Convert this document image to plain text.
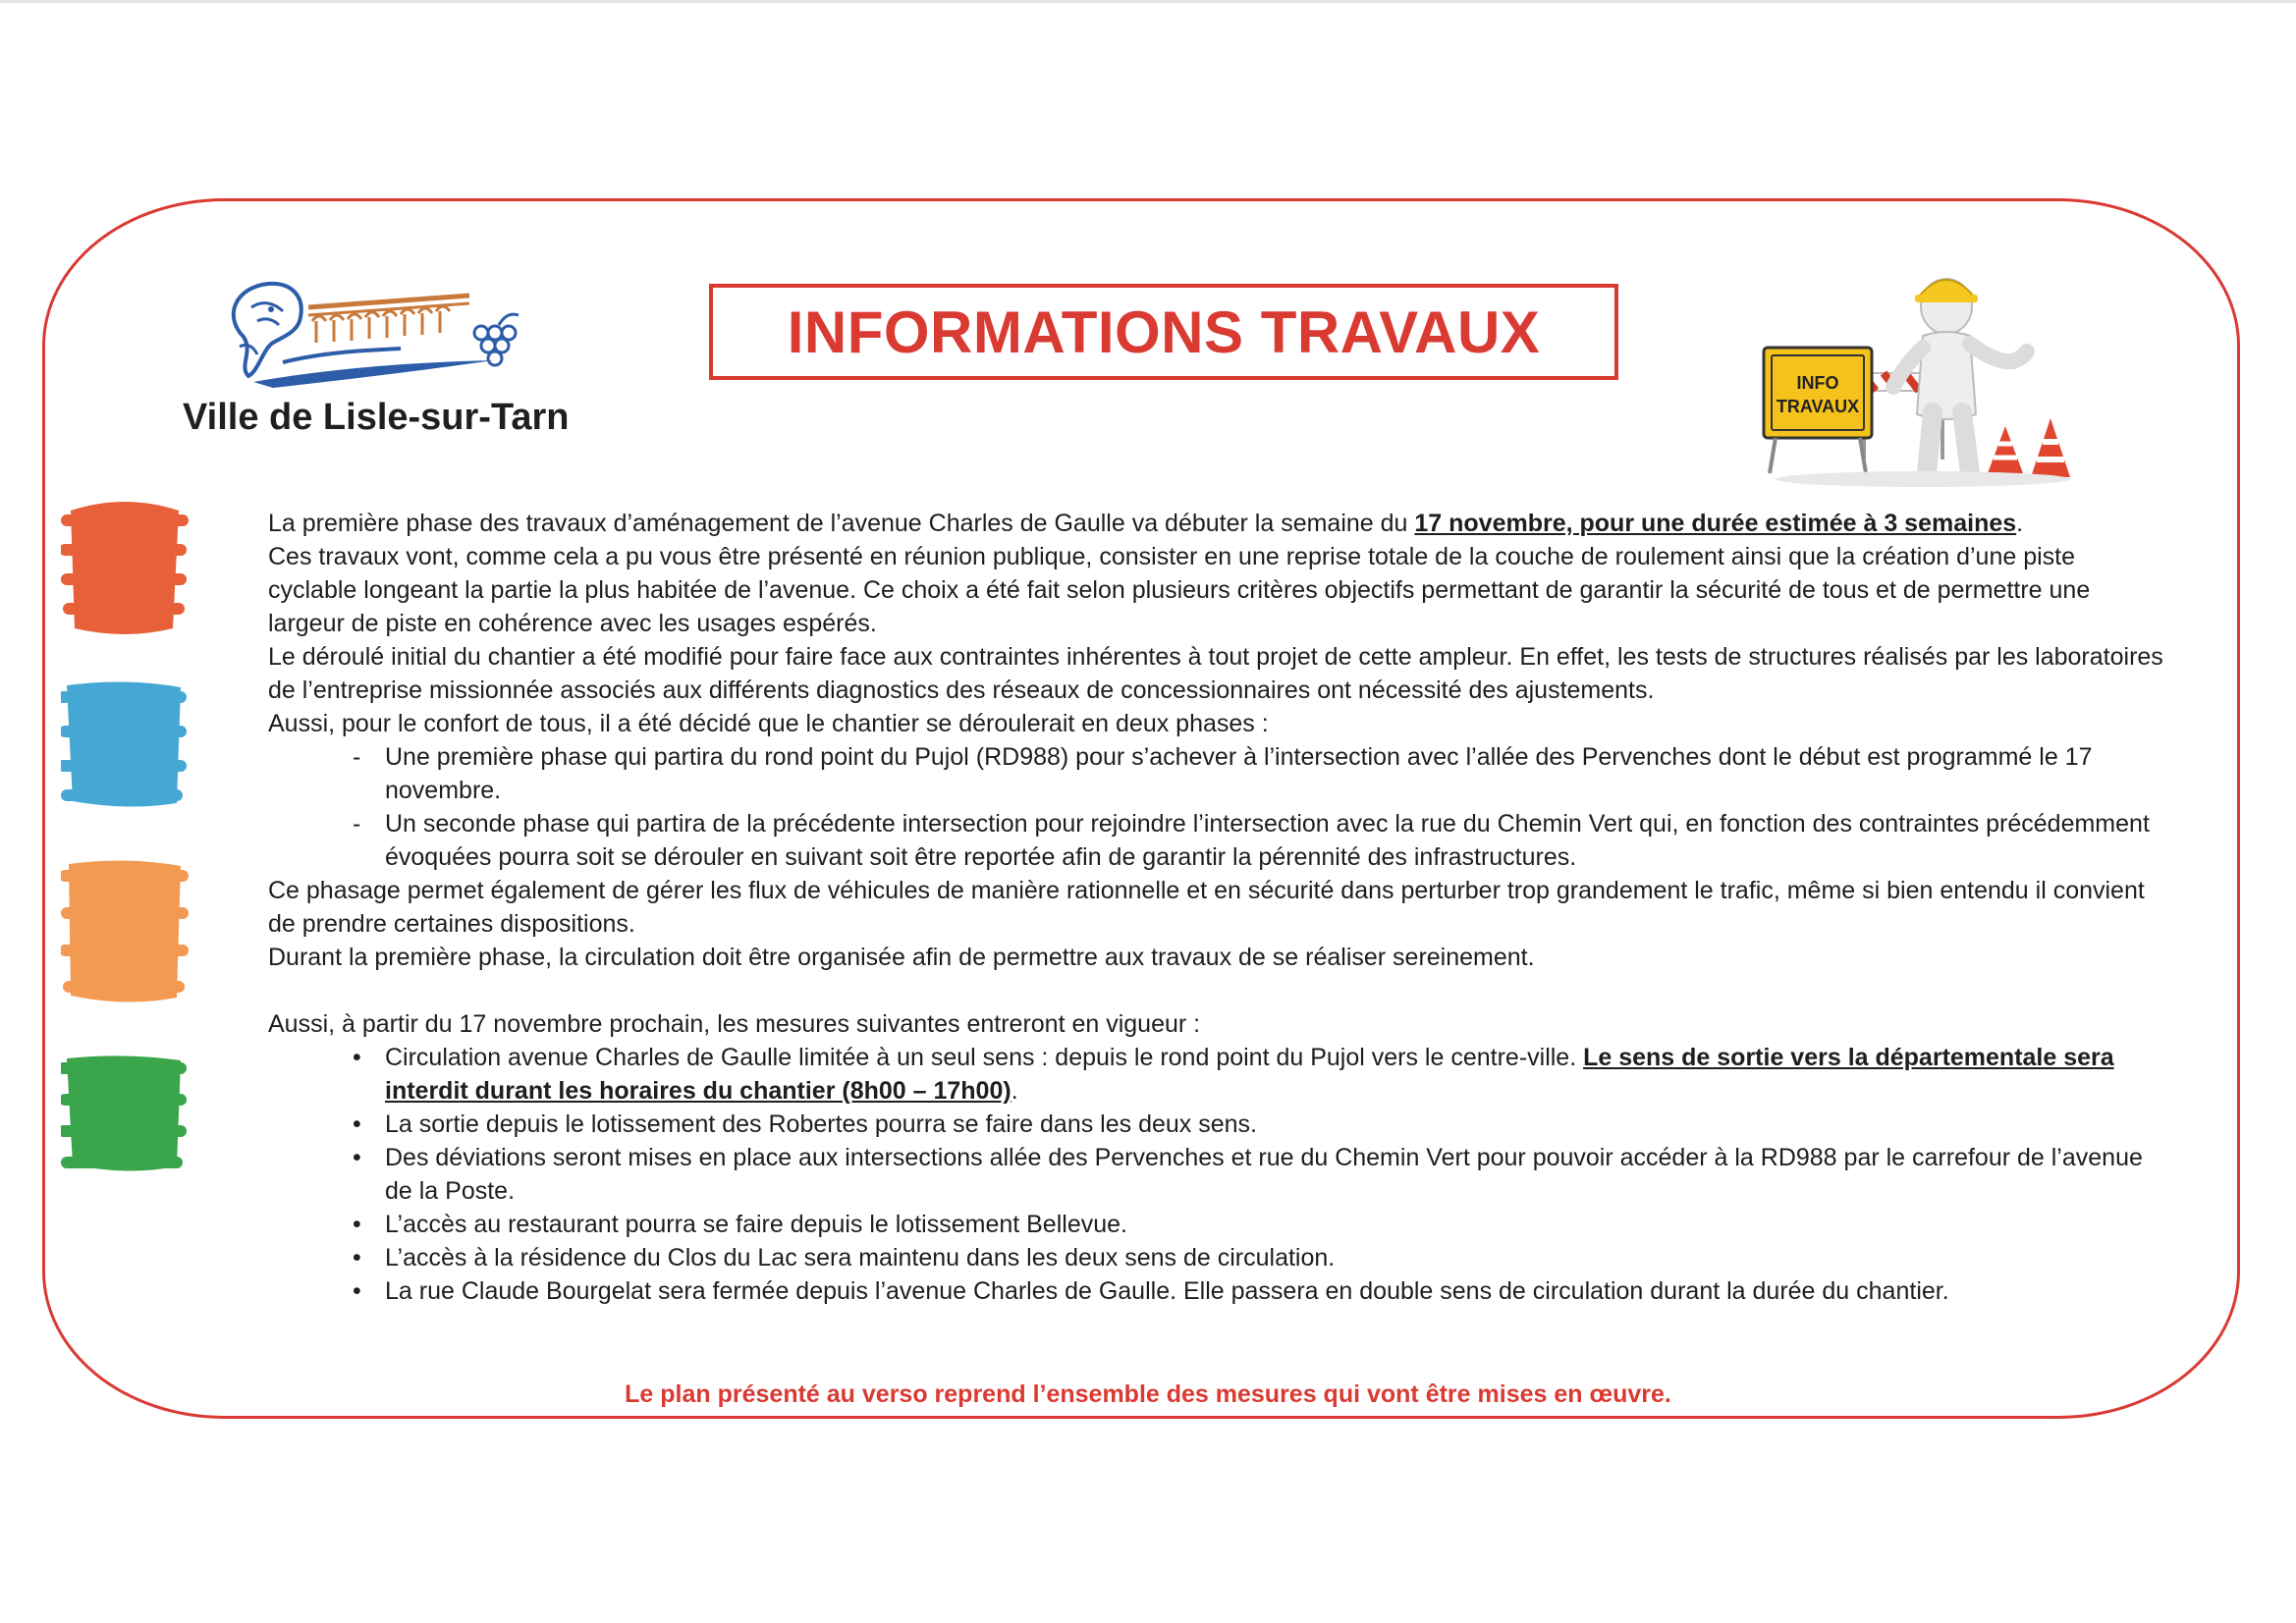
Ville de Lisle-sur-Tarn
INFORMATIONS TRAVAUX
INFO
TRAVAUX

La première phase des travaux d’aménagement de l’avenue Charles de Gaulle va débuter la semaine du 17 novembre, pour une durée estimée à 3 semaines.

Ces travaux vont, comme cela a pu vous être présenté en réunion publique, consister en une reprise totale de la couche de roulement ainsi que la création d’une piste cyclable longeant la partie la plus habitée de l’avenue. Ce choix a été fait selon plusieurs critères objectifs permettant de garantir la sécurité de tous et de permettre une largeur de piste en cohérence avec les usages espérés.

Le déroulé initial du chantier a été modifié pour faire face aux contraintes inhérentes à tout projet de cette ampleur. En effet, les tests de structures réalisés par les laboratoires de l’entreprise missionnée associés aux différents diagnostics des réseaux de concessionnaires ont nécessité des ajustements.

Aussi, pour le confort de tous, il a été décidé que le chantier se déroulerait en deux phases :

- Une première phase qui partira du rond point du Pujol (RD988) pour s’achever à l’intersection avec l’allée des Pervenches dont le début est programmé le 17 novembre.
- Un seconde phase qui partira de la précédente intersection pour rejoindre l’intersection avec la rue du Chemin Vert qui, en fonction des contraintes précédemment évoquées pourra soit se dérouler en suivant soit être reportée afin de garantir la pérennité des infrastructures.

Ce phasage permet également de gérer les flux de véhicules de manière rationnelle et en sécurité dans perturber trop grandement le trafic, même si bien entendu il convient de prendre certaines dispositions.

Durant la première phase, la circulation doit être organisée afin de permettre aux travaux de se réaliser sereinement.

Aussi, à partir du 17 novembre prochain, les mesures suivantes entreront en vigueur :

• Circulation avenue Charles de Gaulle limitée à un seul sens : depuis le rond point du Pujol vers le centre-ville. Le sens de sortie vers la départementale sera interdit durant les horaires du chantier (8h00 – 17h00).
• La sortie depuis le lotissement des Robertes pourra se faire dans les deux sens.
• Des déviations seront mises en place aux intersections allée des Pervenches et rue du Chemin Vert pour pouvoir accéder à la RD988 par le carrefour de l’avenue de la Poste.
• L’accès au restaurant pourra se faire depuis le lotissement Bellevue.
• L’accès à la résidence du Clos du Lac sera maintenu dans les deux sens de circulation.
• La rue Claude Bourgelat sera fermée depuis l’avenue Charles de Gaulle. Elle passera en double sens de circulation durant la durée du chantier.
Le plan présenté au verso reprend l’ensemble des mesures qui vont être mises en œuvre.
